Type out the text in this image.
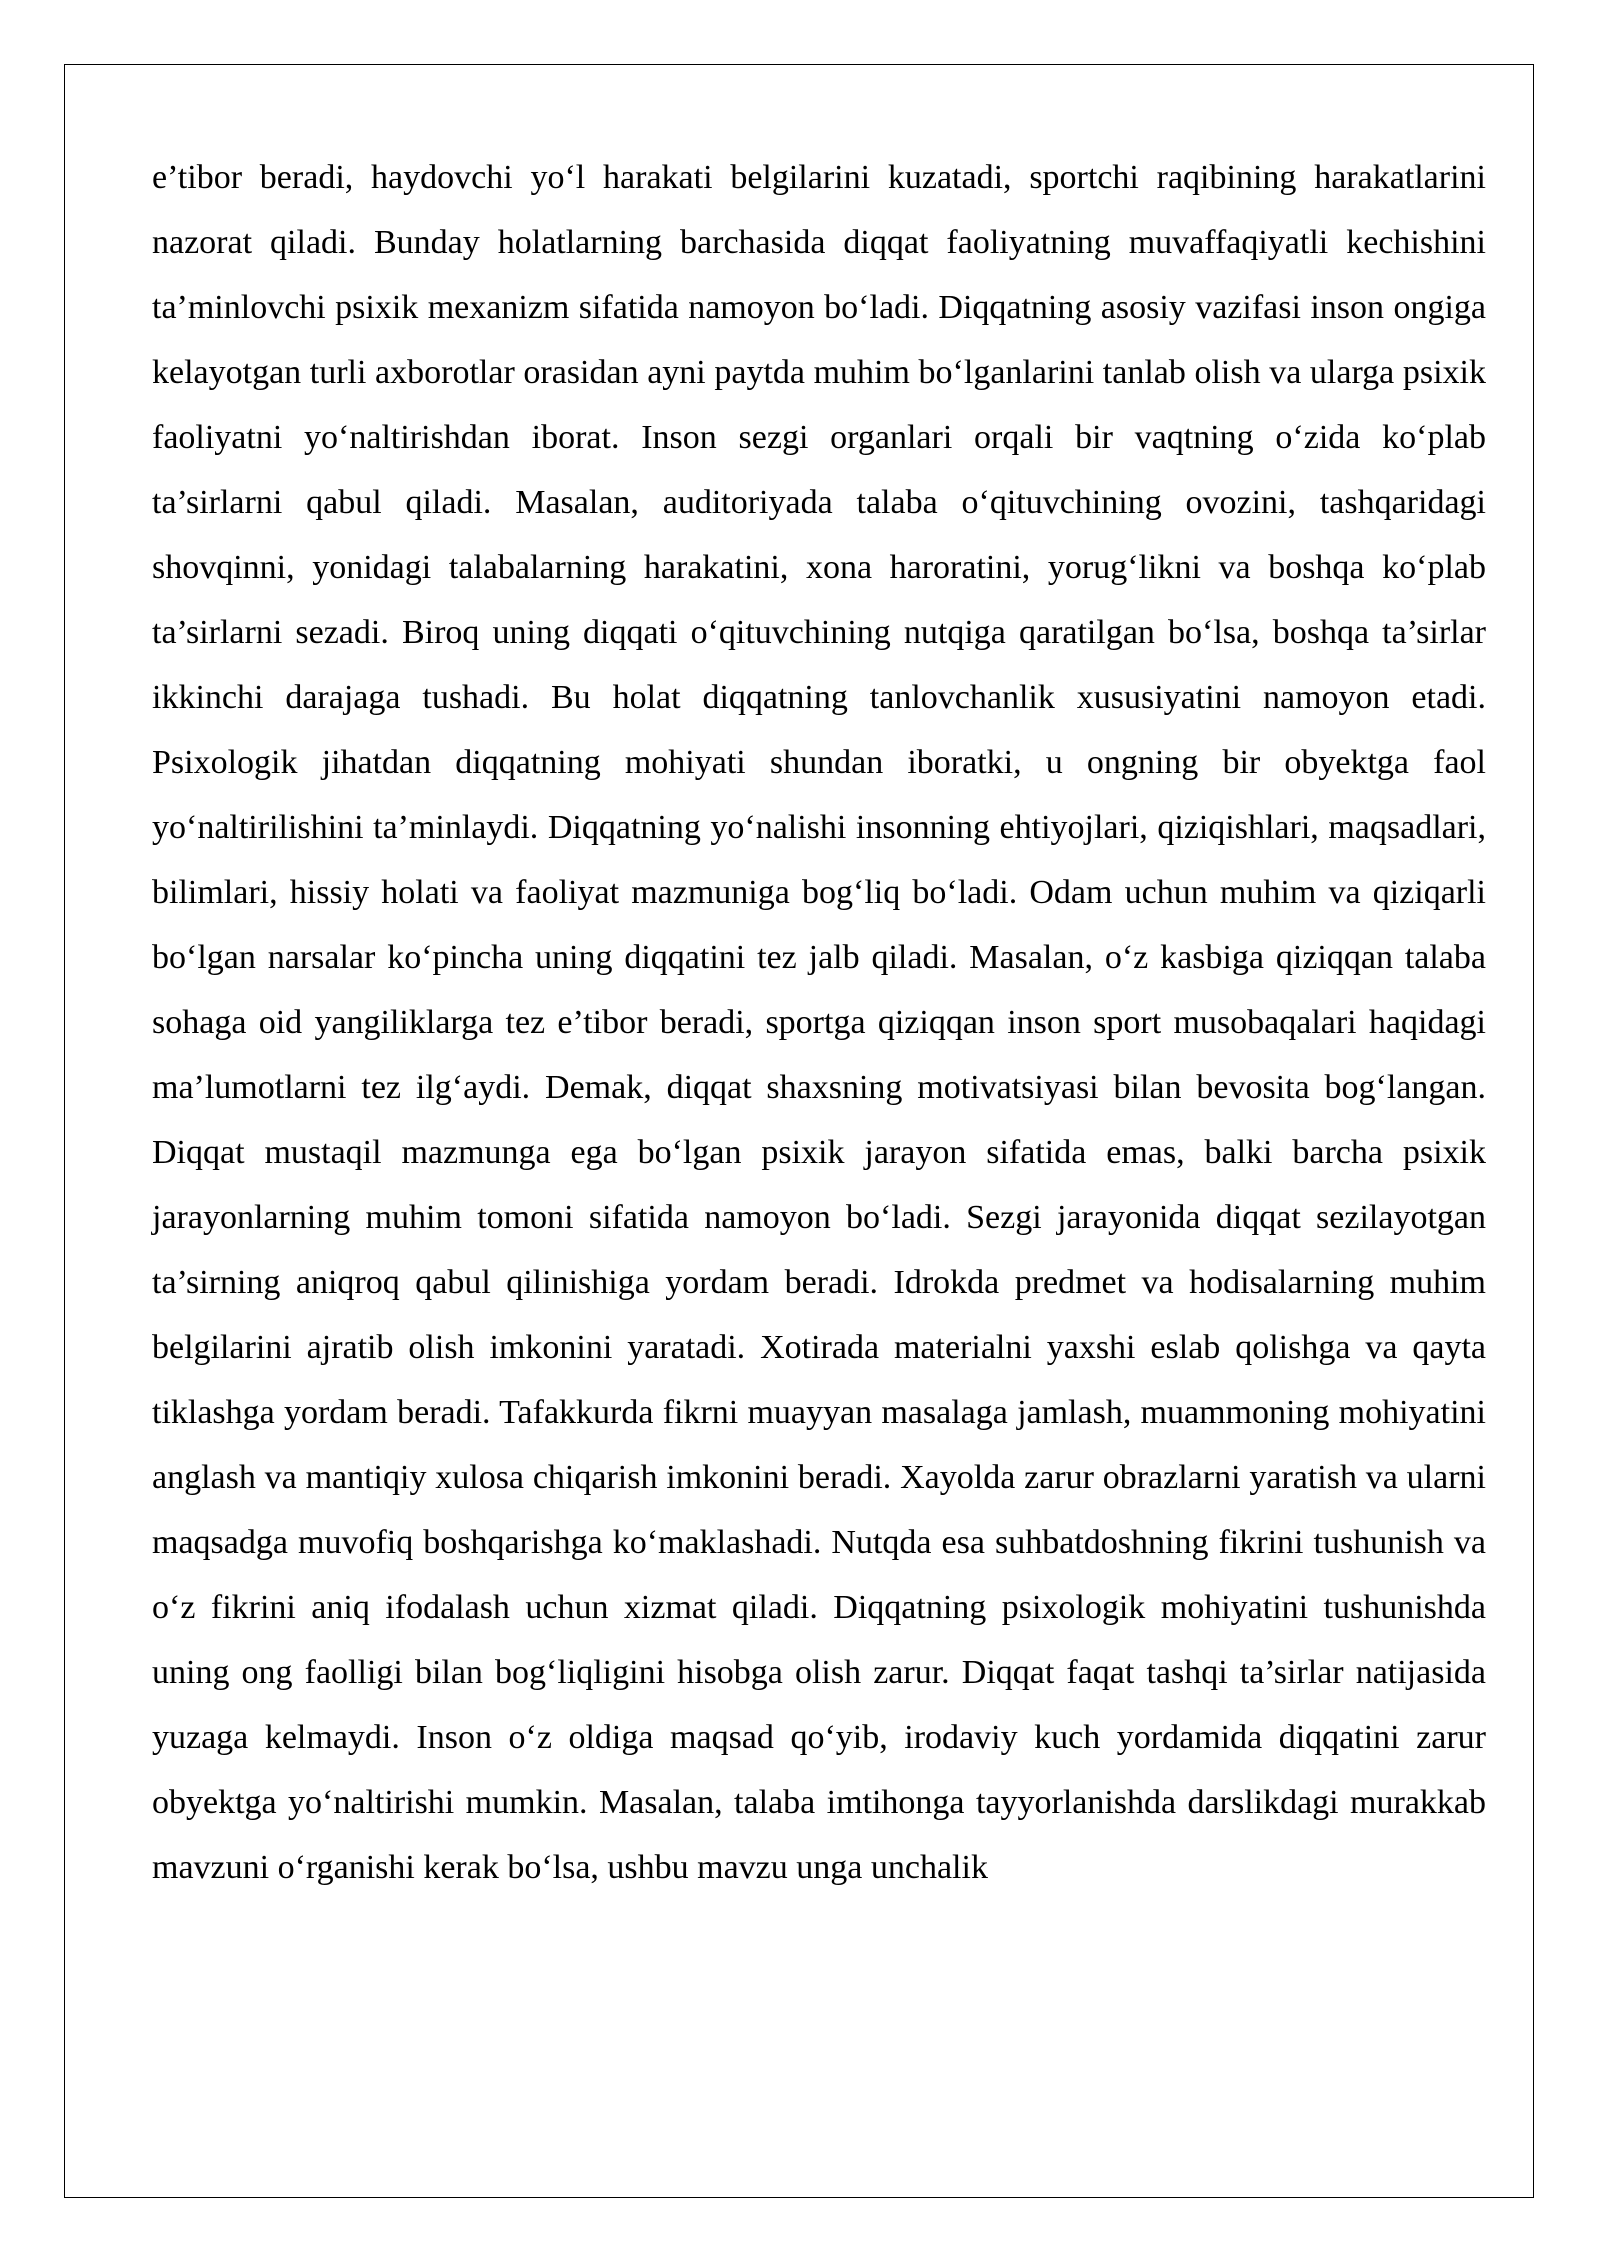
e’tibor beradi, haydovchi yo‘l harakati belgilarini kuzatadi, sportchi raqibining harakatlarini nazorat qiladi. Bunday holatlarning barchasida diqqat faoliyatning muvaffaqiyatli kechishini ta’minlovchi psixik mexanizm sifatida namoyon bo‘ladi. Diqqatning asosiy vazifasi inson ongiga kelayotgan turli axborotlar orasidan ayni paytda muhim bo‘lganlarini tanlab olish va ularga psixik faoliyatni yo‘naltirishdan iborat. Inson sezgi organlari orqali bir vaqtning o‘zida ko‘plab ta’sirlarni qabul qiladi. Masalan, auditoriyada talaba o‘qituvchining ovozini, tashqaridagi shovqinni, yonidagi talabalarning harakatini, xona haroratini, yorug‘likni va boshqa ko‘plab ta’sirlarni sezadi. Biroq uning diqqati o‘qituvchining nutqiga qaratilgan bo‘lsa, boshqa ta’sirlar ikkinchi darajaga tushadi. Bu holat diqqatning tanlovchanlik xususiyatini namoyon etadi. Psixologik jihatdan diqqatning mohiyati shundan iboratki, u ongning bir obyektga faol yo‘naltirilishini ta’minlaydi. Diqqatning yo‘nalishi insonning ehtiyojlari, qiziqishlari, maqsadlari, bilimlari, hissiy holati va faoliyat mazmuniga bog‘liq bo‘ladi. Odam uchun muhim va qiziqarli bo‘lgan narsalar ko‘pincha uning diqqatini tez jalb qiladi. Masalan, o‘z kasbiga qiziqqan talaba sohaga oid yangiliklarga tez e’tibor beradi, sportga qiziqqan inson sport musobaqalari haqidagi ma’lumotlarni tez ilg‘aydi. Demak, diqqat shaxsning motivatsiyasi bilan bevosita bog‘langan. Diqqat mustaqil mazmunga ega bo‘lgan psixik jarayon sifatida emas, balki barcha psixik jarayonlarning muhim tomoni sifatida namoyon bo‘ladi. Sezgi jarayonida diqqat sezilayotgan ta’sirning aniqroq qabul qilinishiga yordam beradi. Idrokda predmet va hodisalarning muhim belgilarini ajratib olish imkonini yaratadi. Xotirada materialni yaxshi eslab qolishga va qayta tiklashga yordam beradi. Tafakkurda fikrni muayyan masalaga jamlash, muammoning mohiyatini anglash va mantiqiy xulosa chiqarish imkonini beradi. Xayolda zarur obrazlarni yaratish va ularni maqsadga muvofiq boshqarishga ko‘maklashadi. Nutqda esa suhbatdoshning fikrini tushunish va o‘z fikrini aniq ifodalash uchun xizmat qiladi. Diqqatning psixologik mohiyatini tushunishda uning ong faolligi bilan bog‘liqligini hisobga olish zarur. Diqqat faqat tashqi ta’sirlar natijasida yuzaga kelmaydi. Inson o‘z oldiga maqsad qo‘yib, irodaviy kuch yordamida diqqatini zarur obyektga yo‘naltirishi mumkin. Masalan, talaba imtihonga tayyorlanishda darslikdagi murakkab mavzuni o‘rganishi kerak bo‘lsa, ushbu mavzu unga unchalik
